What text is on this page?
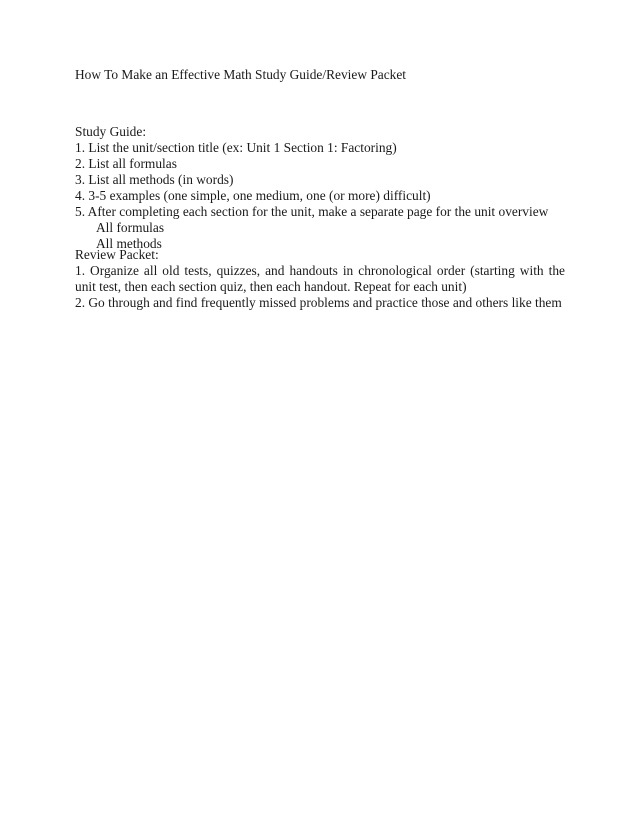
How To Make an Effective Math Study Guide/Review Packet
Study Guide:
1. List the unit/section title (ex: Unit 1 Section 1: Factoring)
2. List all formulas
3. List all methods (in words)
4. 3-5 examples (one simple, one medium, one (or more) difficult)
5. After completing each section for the unit, make a separate page for the unit overview
All formulas
All methods
Review Packet:
1. Organize all old tests, quizzes, and handouts in chronological order (starting with the unit test, then each section quiz, then each handout. Repeat for each unit)
2. Go through and find frequently missed problems and practice those and others like them
